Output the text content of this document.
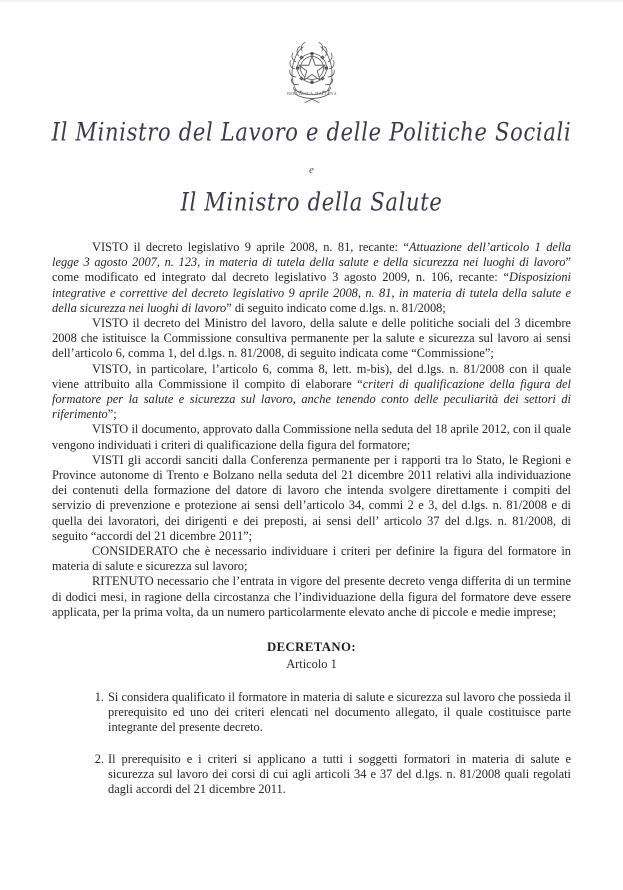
REPVBLICA ITALIANA
Il Ministro del Lavoro e delle Politiche Sociali
e
Il Ministro della Salute
VISTO il decreto legislativo 9 aprile 2008, n. 81, recante: “Attuazione dell’articolo 1 della legge 3 agosto 2007, n. 123, in materia di tutela della salute e della sicurezza nei luoghi di lavoro” come modificato ed integrato dal decreto legislativo 3 agosto 2009, n. 106, recante: “Disposizioni integrative e correttive del decreto legislativo 9 aprile 2008, n. 81, in materia di tutela della salute e della sicurezza nei luoghi di lavoro” di seguito indicato come d.lgs. n. 81/2008;
VISTO il decreto del Ministro del lavoro, della salute e delle politiche sociali del 3 dicembre 2008 che istituisce la Commissione consultiva permanente per la salute e sicurezza sul lavoro ai sensi dell’articolo 6, comma 1, del d.lgs. n. 81/2008, di seguito indicata come “Commissione”;
VISTO, in particolare, l’articolo 6, comma 8, lett. m-bis), del d.lgs. n. 81/2008 con il quale viene attribuito alla Commissione il compito di elaborare “criteri di qualificazione della figura del formatore per la salute e sicurezza sul lavoro, anche tenendo conto delle peculiarità dei settori di riferimento”;
VISTO il documento, approvato dalla Commissione nella seduta del 18 aprile 2012, con il quale vengono individuati i criteri di qualificazione della figura del formatore;
VISTI gli accordi sanciti dalla Conferenza permanente per i rapporti tra lo Stato, le Regioni e Province autonome di Trento e Bolzano nella seduta del 21 dicembre 2011 relativi alla individuazione dei contenuti della formazione del datore di lavoro che intenda svolgere direttamente i compiti del servizio di prevenzione e protezione ai sensi dell’articolo 34, commi 2 e 3, del d.lgs. n. 81/2008 e di quella dei lavoratori, dei dirigenti e dei preposti, ai sensi dell’ articolo 37 del d.lgs. n. 81/2008, di seguito “accordi del 21 dicembre 2011”;
CONSIDERATO che è necessario individuare i criteri per definire la figura del formatore in materia di salute e sicurezza sul lavoro;
RITENUTO necessario che l’entrata in vigore del presente decreto venga differita di un termine di dodici mesi, in ragione della circostanza che l’individuazione della figura del formatore deve essere applicata, per la prima volta, da un numero particolarmente elevato anche di piccole e medie imprese;
DECRETANO:
Articolo 1
Si considera qualificato il formatore in materia di salute e sicurezza sul lavoro che possieda il prerequisito ed uno dei criteri elencati nel documento allegato, il quale costituisce parte integrante del presente decreto.
Il prerequisito e i criteri si applicano a tutti i soggetti formatori in materia di salute e sicurezza sul lavoro dei corsi di cui agli articoli 34 e 37 del d.lgs. n. 81/2008 quali regolati dagli accordi del 21 dicembre 2011.
